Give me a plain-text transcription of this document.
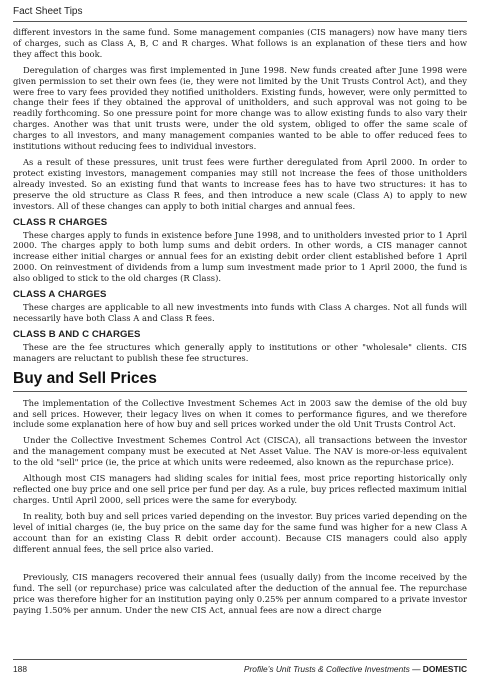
Fact Sheet Tips

different investors in the same fund. Some management companies (CIS managers) now have many tiers of charges, such as Class A, B, C and R charges. What follows is an explanation of these tiers and how they affect this book.

Deregulation of charges was first implemented in June 1998. New funds created after June 1998 were given permission to set their own fees (ie, they were not limited by the Unit Trusts Control Act), and they were free to vary fees provided they notified unitholders. Existing funds, however, were only permitted to change their fees if they obtained the approval of unitholders, and such approval was not going to be readily forthcoming. So one pressure point for more change was to allow existing funds to also vary their charges. Another was that unit trusts were, under the old system, obliged to offer the same scale of charges to all investors, and many management companies wanted to be able to offer reduced fees to institutions without reducing fees to individual investors.

As a result of these pressures, unit trust fees were further deregulated from April 2000. In order to protect existing investors, management companies may still not increase the fees of those unitholders already invested. So an existing fund that wants to increase fees has to have two structures: it has to preserve the old structure as Class R fees, and then introduce a new scale (Class A) to apply to new investors. All of these changes can apply to both initial charges and annual fees.

CLASS R CHARGES

These charges apply to funds in existence before June 1998, and to unitholders invested prior to 1 April 2000. The charges apply to both lump sums and debit orders. In other words, a CIS manager cannot increase either initial charges or annual fees for an existing debit order client established before 1 April 2000. On reinvestment of dividends from a lump sum investment made prior to 1 April 2000, the fund is also obliged to stick to the old charges (R Class).

CLASS A CHARGES

These charges are applicable to all new investments into funds with Class A charges. Not all funds will necessarily have both Class A and Class R fees.

CLASS B AND C CHARGES

These are the fee structures which generally apply to institutions or other "wholesale" clients. CIS managers are reluctant to publish these fee structures.

Buy and Sell Prices

The implementation of the Collective Investment Schemes Act in 2003 saw the demise of the old buy and sell prices. However, their legacy lives on when it comes to performance figures, and we therefore include some explanation here of how buy and sell prices worked under the old Unit Trusts Control Act.

Under the Collective Investment Schemes Control Act (CISCA), all transactions between the investor and the management company must be executed at Net Asset Value. The NAV is more-or-less equivalent to the old "sell" price (ie, the price at which units were redeemed, also known as the repurchase price).

Although most CIS managers had sliding scales for initial fees, most price reporting historically only reflected one buy price and one sell price per fund per day. As a rule, buy prices reflected maximum initial charges. Until April 2000, sell prices were the same for everybody.

In reality, both buy and sell prices varied depending on the investor. Buy prices varied depending on the level of initial charges (ie, the buy price on the same day for the same fund was higher for a new Class A account than for an existing Class R debit order account). Because CIS managers could also apply different annual fees, the sell price also varied.

Previously, CIS managers recovered their annual fees (usually daily) from the income received by the fund. The sell (or repurchase) price was calculated after the deduction of the annual fee. The repurchase price was therefore higher for an institution paying only 0.25% per annum compared to a private investor paying 1.50% per annum. Under the new CIS Act, annual fees are now a direct charge

188	Profile’s Unit Trusts & Collective Investments — DOMESTIC
